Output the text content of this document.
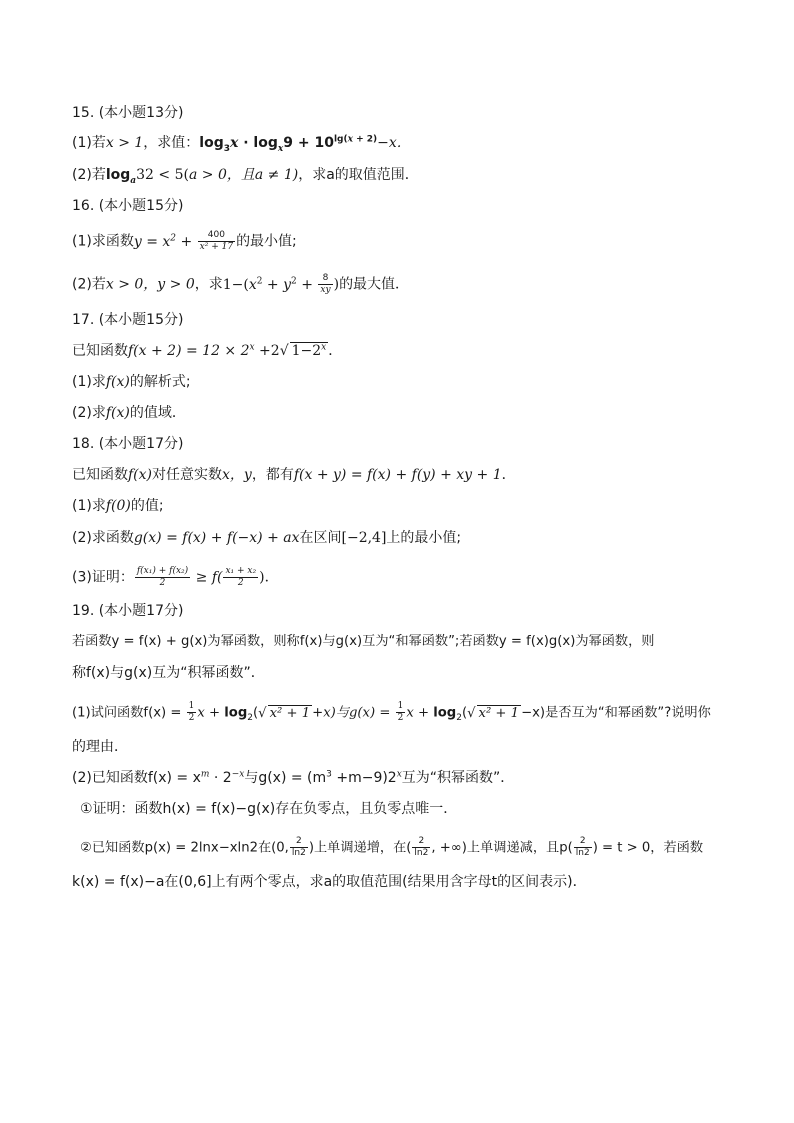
15. (本小题13分)
(1)若x > 1，求值：$\log_3x \cdot \log_x9 + 10^{lg(x + 2)}-x$．
(2)若$\log_a32 < 5(a > 0$，且a ≠ 1)，求a的取值范围．
16. (本小题15分)
(1)求函数$y = x^2 + \frac{400}{\text{x² + 17}}$ 的最小值;
(2)若x > 0，y > 0，求$1-(x^2 + y^2 + \frac{8}{xy}$ )的最大值．
17. (本小题15分)
已知函数$f(x + 2) = 12 \times 2^x +2√$ $1-2^x$ ．
(1)求f(x)的解析式;
(2)求f(x)的值域．
18. (本小题17分)
已知函数f(x)对任意实数x，y，都有f(x + y) = f(x) + f(y) + xy + 1．
(1)求f(0)的值;
(2)求函数g(x) = f(x) + f(−x) + ax在区间[−2,4]上的最小值;
(3)证明： $\frac{\text{f(x₁) + f(x₂)}}{2} \ge f( \frac{\text{x₁ + x₂}}{2}$ )．
19. (本小题17分)
若函数y = f(x) + g(x)为幂函数，则称f(x)与g(x)互为“和幂函数”;若函数y = f(x)g(x)为幂函数，则
称f(x)与g(x)互为“积幂函数”．
(1)试问函数$f(x) = \frac{1}{2}$ $x + \log_2(√$ x² + 1 +x)与$g(x) = \frac{1}{2}$ $x + \log_2(√$ x² + 1 −x)是否互为“和幂函数”?说明你
的理由．
(2)已知函数$f(x) = x^m \cdot 2^{-x}$与$g(x) = (m^3 +m-9)2^x$互为“积幂函数”．
①证明：函数h(x) = f(x)−g(x)存在负零点，且负零点唯一．
②已知函数p(x) = 2lnx−xln2在(0, $\frac{2}{\ln 2}$ )上单调递增，在( $\frac{2}{\ln 2}$ , +∞)上单调递减，且$p( \frac{2}{\ln 2}$ ) = t > 0，若函数
k(x) = f(x)−a在(0,6]上有两个零点，求a的取值范围(结果用含字母t的区间表示)．
